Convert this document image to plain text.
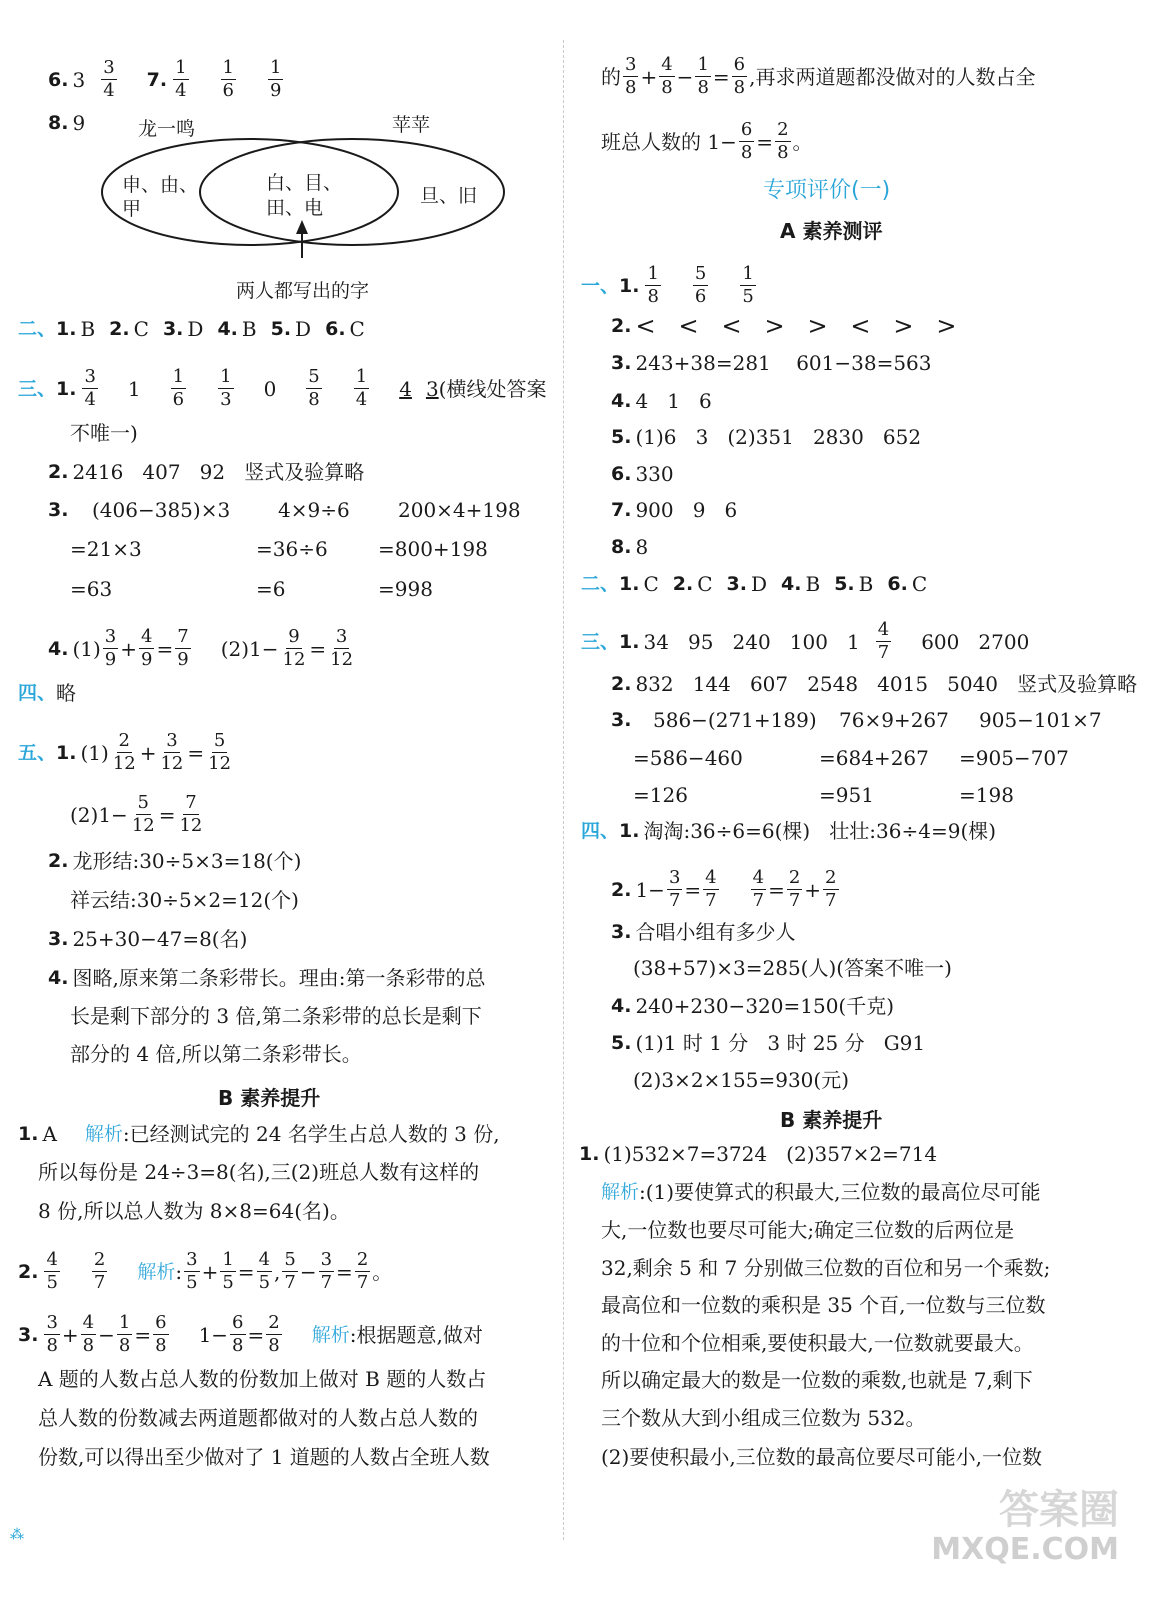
6. $3 \frac{3}{4} 7$. $\frac{1}{4} \frac{1}{6} \frac{1}{9}$
8. 9	龙一鸣	苹苹
申、由、
甲
白、目、
田、电
旦、旧
两人都写出的字
二、 1. B 2. C 3. D 4. B 5. D 6. C
三、 1. $\frac{3}{4} 1 \frac{1}{6} \frac{1}{3} 0 \frac{5}{8} \frac{1}{4} 4$ 3 (横线处答案
不唯一)
2. 2416   407   92   竖式及验算略
3. (406−385)×3 4×9÷6 200×4+198
=21×3	=36÷6	=800+198
=63	=6	=998
4. $(1) \frac{3}{9} + \frac{4}{9} = \frac{7}{9} (2)1- \frac{9}{12} = \frac{3}{12}$
四、 略
五、 1. $(1) \frac{2}{12} + \frac{3}{12} = \frac{5}{12}$
$(2)1- \frac{5}{12} = \frac{7}{12}$
2. 龙形结:30÷5×3=18(个)
祥云结:30÷5×2=12(个)
3. 25+30−47=8(名)
4. 图略,原来第二条彩带长。理由:第一条彩带的总
长是剩下部分的 3 倍,第二条彩带的总长是剩下
部分的 4 倍,所以第二条彩带长。
B 素养提升
1. A 解析 :已经测试完的 24 名学生占总人数的 3 份,
所以每份是 24÷3=8(名),三(2)班总人数有这样的
8 份,所以总人数为 8×8=64(名)。
2. $\frac{4}{5} \frac{2}{7}$ 解析 : $\frac{3}{5} + \frac{1}{5} = \frac{4}{5}$ , $\frac{5}{7} - \frac{3}{7} = \frac{2}{7}$ 。
3. $\frac{3}{8} + \frac{4}{8} - \frac{1}{8} = \frac{6}{8} 1- \frac{6}{8} = \frac{2}{8}$ 解析 :根据题意,做对
A 题的人数占总人数的份数加上做对 B 题的人数占
总人数的份数减去两道题都做对的人数占总人数的
份数,可以得出至少做对了 1 道题的人数占全班人数
的 $\frac{3}{8} + \frac{4}{8} - \frac{1}{8} = \frac{6}{8}$ ,再求两道题都没做对的人数占全
班总人数的 $1- \frac{6}{8} = \frac{2}{8}$ 。
专项评价(一)
A 素养测评
一、 1. $\frac{1}{8} \frac{5}{6} \frac{1}{5}$
2. <   <   <   >   >   <   >   >
3. 243+38=281    601−38=563
4. 4   1   6
5. (1)6   3   (2)351   2830   652
6. 330
7. 900   9   6
8. 8
二、 1. C 2. C 3. D 4. B 5. B 6. C
三、 1. 34   95   240   100   $1 \frac{4}{7} 600$   2700
2. 832   144   607   2548   4015   5040   竖式及验算略
3. 586−(271+189) 76×9+267 905−101×7
=586−460	=684+267 =905−707
=126	=951	=198
四、 1. 淘淘:36÷6=6(棵)   壮壮:36÷4=9(棵)
2. $1- \frac{3}{7} = \frac{4}{7} \frac{4}{7} = \frac{2}{7} + \frac{2}{7}$
3. 合唱小组有多少人
(38+57)×3=285(人)(答案不唯一)
4. 240+230−320=150(千克)
5. (1)1 时 1 分   3 时 25 分   G91
(2)3×2×155=930(元)
B 素养提升
1. (1)532×7=3724   (2)357×2=714
解析 :(1)要使算式的积最大,三位数的最高位尽可能
大,一位数也要尽可能大;确定三位数的后两位是
32,剩余 5 和 7 分别做三位数的百位和另一个乘数;
最高位和一位数的乘积是 35 个百,一位数与三位数
的十位和个位相乘,要使积最大,一位数就要最大。
所以确定最大的数是一位数的乘数,也就是 7,剩下
三个数从大到小组成三位数为 532。
(2)要使积最小,三位数的最高位要尽可能小,一位数
⁂
答案圈
MXQE.COM
